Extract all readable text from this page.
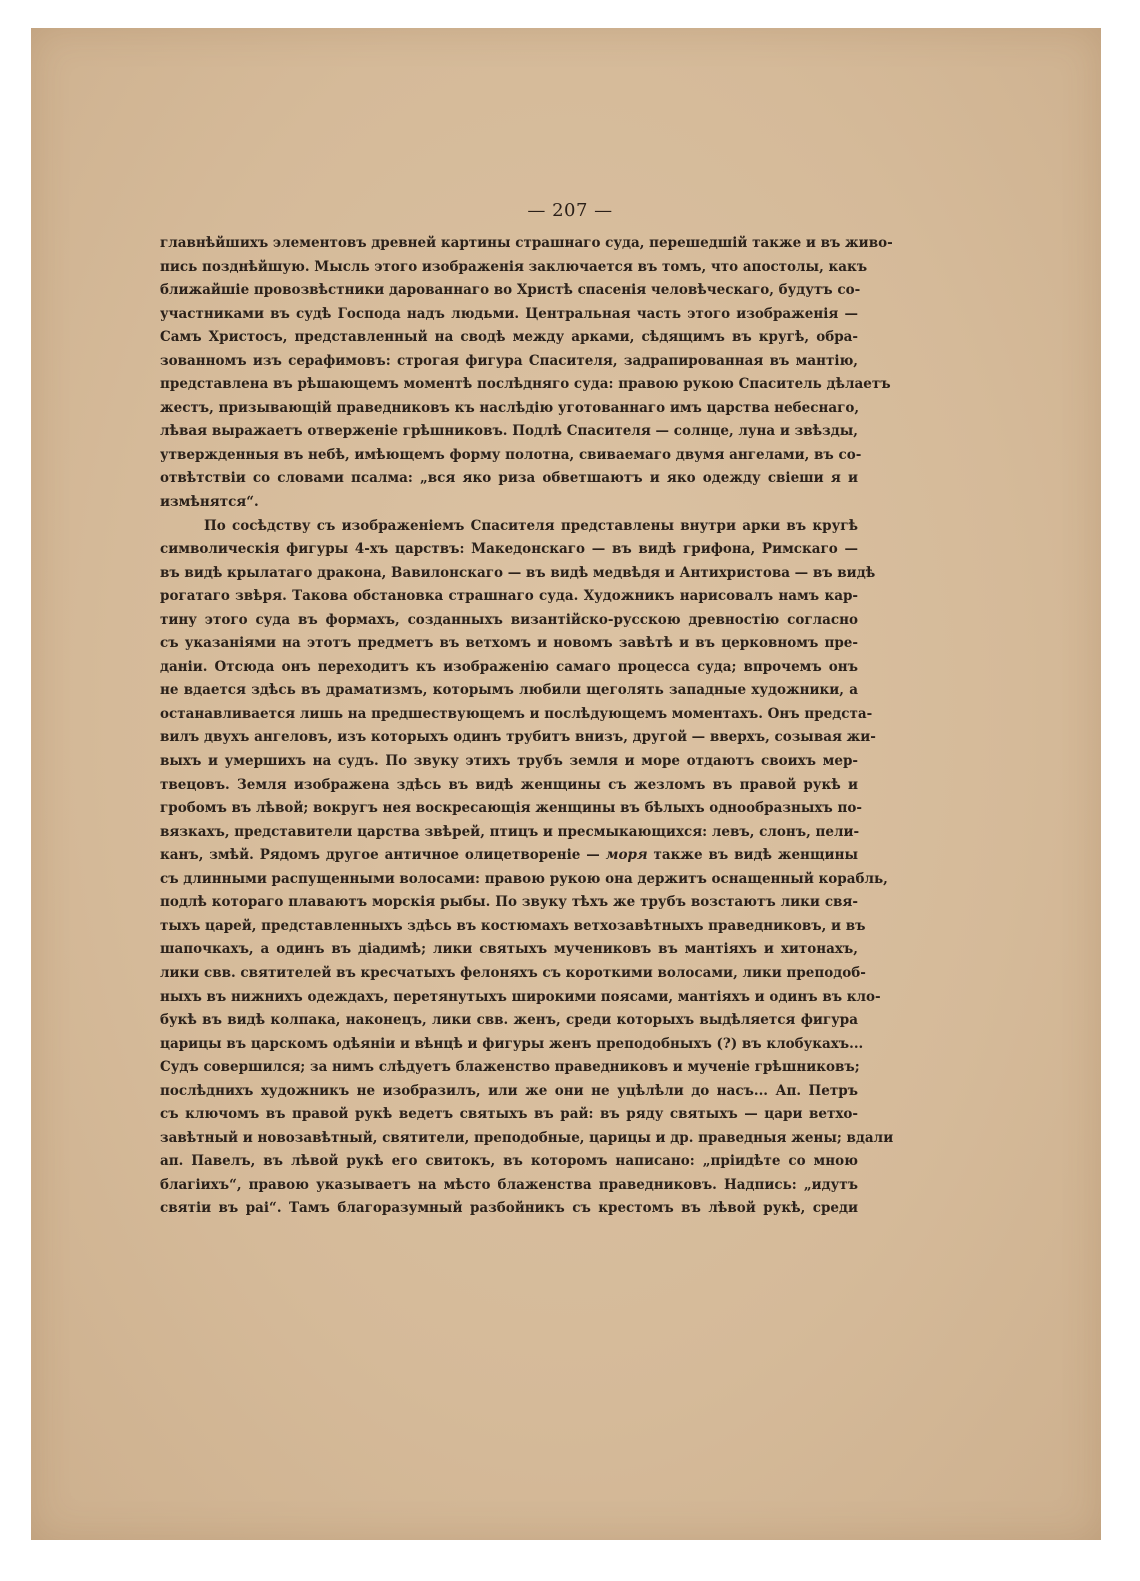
— 207 —
главнѣйшихъ элементовъ древней картины страшнаго суда, перешедшій также и въ живо-
пись позднѣйшую. Мысль этого изображенія заключается въ томъ, что апостолы, какъ
ближайшіе провозвѣстники дарованнаго во Христѣ спасенія человѣческаго, будутъ со-
участниками въ судѣ Господа надъ людьми. Центральная часть этого изображенія —
Самъ Христосъ, представленный на сводѣ между арками, сѣдящимъ въ кругѣ, обра-
зованномъ изъ серафимовъ: строгая фигура Спасителя, задрапированная въ мантію,
представлена въ рѣшающемъ моментѣ послѣдняго суда: правою рукою Спаситель дѣлаетъ
жестъ, призывающій праведниковъ къ наслѣдію уготованнаго имъ царства небеснаго,
лѣвая выражаетъ отверженіе грѣшниковъ. Подлѣ Спасителя — солнце, луна и звѣзды,
утвержденныя въ небѣ, имѣющемъ форму полотна, свиваемаго двумя ангелами, въ со-
отвѣтствіи со словами псалма: „вся яко риза обветшаютъ и яко одежду свіеши я и
измѣнятся“.
По сосѣдству съ изображеніемъ Спасителя представлены внутри арки въ кругѣ
символическія фигуры 4-хъ царствъ: Македонскаго — въ видѣ грифона, Римскаго —
въ видѣ крылатаго дракона, Вавилонскаго — въ видѣ медвѣдя и Антихристова — въ видѣ
рогатаго звѣря. Такова обстановка страшнаго суда. Художникъ нарисовалъ намъ кар-
тину этого суда въ формахъ, созданныхъ византійско-русскою древностію согласно
съ указаніями на этотъ предметъ въ ветхомъ и новомъ завѣтѣ и въ церковномъ пре-
даніи. Отсюда онъ переходитъ къ изображенію самаго процесса суда; впрочемъ онъ
не вдается здѣсь въ драматизмъ, которымъ любили щеголять западные художники, а
останавливается лишь на предшествующемъ и послѣдующемъ моментахъ. Онъ предста-
вилъ двухъ ангеловъ, изъ которыхъ одинъ трубитъ внизъ, другой — вверхъ, созывая жи-
выхъ и умершихъ на судъ. По звуку этихъ трубъ земля и море отдаютъ своихъ мер-
твецовъ. Земля изображена здѣсь въ видѣ женщины съ жезломъ въ правой рукѣ и
гробомъ въ лѣвой; вокругъ нея воскресающія женщины въ бѣлыхъ однообразныхъ по-
вязкахъ, представители царства звѣрей, птицъ и пресмыкающихся: левъ, слонъ, пели-
канъ, змѣй. Рядомъ другое античное олицетвореніе — моря также въ видѣ женщины
съ длинными распущенными волосами: правою рукою она держитъ оснащенный корабль,
подлѣ котораго плаваютъ морскія рыбы. По звуку тѣхъ же трубъ возстаютъ лики свя-
тыхъ царей, представленныхъ здѣсь въ костюмахъ ветхозавѣтныхъ праведниковъ, и въ
шапочкахъ, а одинъ въ діадимѣ; лики святыхъ мучениковъ въ мантіяхъ и хитонахъ,
лики свв. святителей въ кресчатыхъ фелоняхъ съ короткими волосами, лики преподоб-
ныхъ въ нижнихъ одеждахъ, перетянутыхъ широкими поясами, мантіяхъ и одинъ въ кло-
букѣ въ видѣ колпака, наконецъ, лики свв. женъ, среди которыхъ выдѣляется фигура
царицы въ царскомъ одѣяніи и вѣнцѣ и фигуры женъ преподобныхъ (?) въ клобукахъ...
Судъ совершился; за нимъ слѣдуетъ блаженство праведниковъ и мученіе грѣшниковъ;
послѣднихъ художникъ не изобразилъ, или же они не уцѣлѣли до насъ... Ап. Петръ
съ ключомъ въ правой рукѣ ведетъ святыхъ въ рай: въ ряду святыхъ — цари ветхо-
завѣтный и новозавѣтный, святители, преподобные, царицы и др. праведныя жены; вдали
ап. Павелъ, въ лѣвой рукѣ его свитокъ, въ которомъ написано: „пріидѣте со мною
благіихъ“, правою указываетъ на мѣсто блаженства праведниковъ. Надпись: „идутъ
святіи въ раі“. Тамъ благоразумный разбойникъ съ крестомъ въ лѣвой рукѣ, среди
